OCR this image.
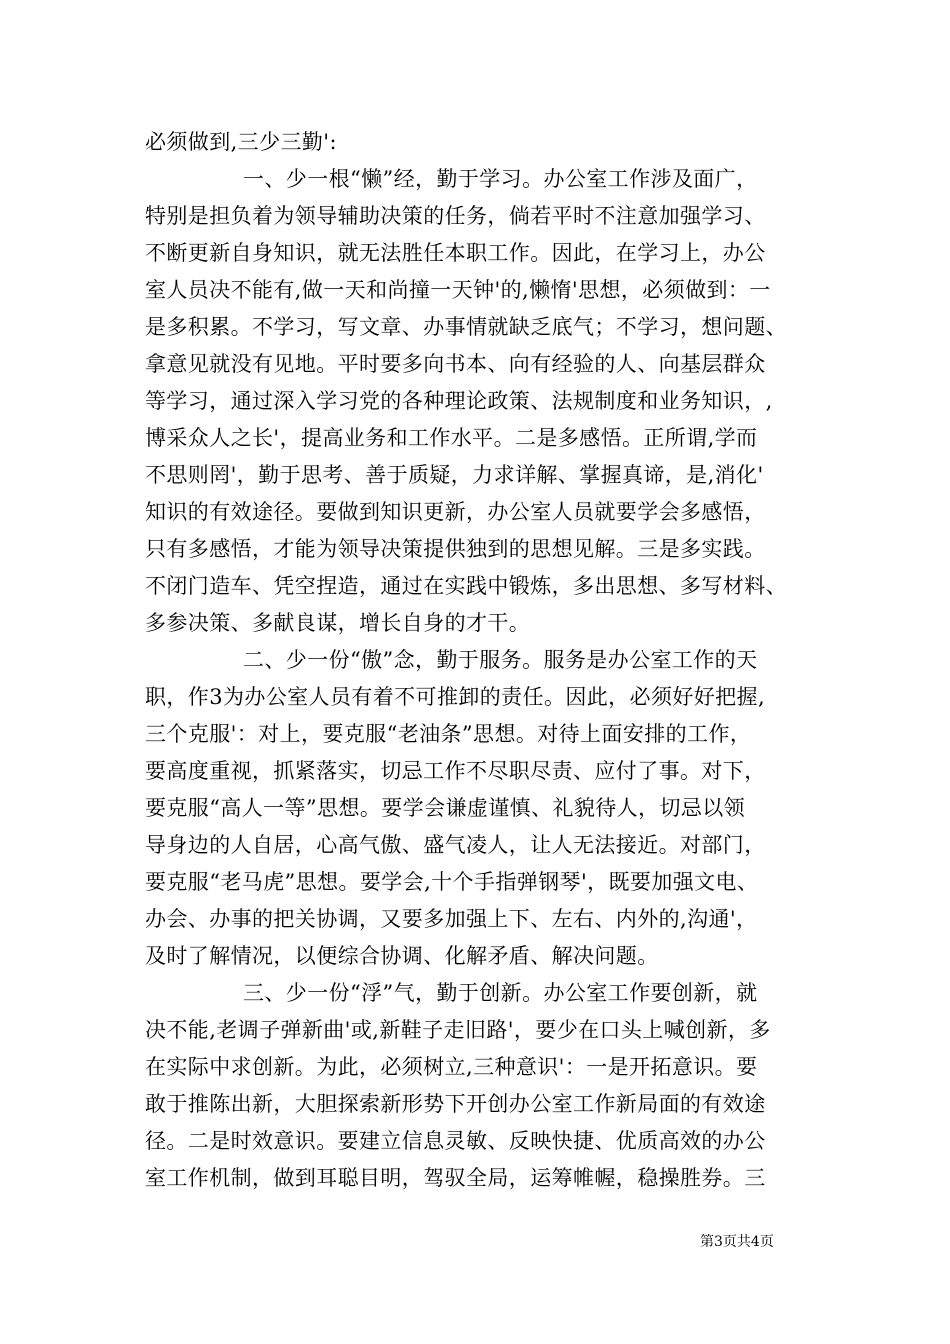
必须做到,三少三勤':
一、少一根“懒”经，勤于学习。办公室工作涉及面广，
特别是担负着为领导辅助决策的任务，倘若平时不注意加强学习、
不断更新自身知识，就无法胜任本职工作。因此，在学习上，办公
室人员决不能有,做一天和尚撞一天钟'的,懒惰'思想，必须做到：一
是多积累。不学习，写文章、办事情就缺乏底气；不学习，想问题、
拿意见就没有见地。平时要多向书本、向有经验的人、向基层群众
等学习，通过深入学习党的各种理论政策、法规制度和业务知识，,
博采众人之长'，提高业务和工作水平。二是多感悟。正所谓,学而
不思则罔'，勤于思考、善于质疑，力求详解、掌握真谛，是,消化'
知识的有效途径。要做到知识更新，办公室人员就要学会多感悟，
只有多感悟，才能为领导决策提供独到的思想见解。三是多实践。
不闭门造车、凭空捏造，通过在实践中锻炼，多出思想、多写材料、
多参决策、多献良谋，增长自身的才干。
二、少一份“傲”念，勤于服务。服务是办公室工作的天
职，作3为办公室人员有着不可推卸的责任。因此，必须好好把握,
三个克服'：对上，要克服“老油条”思想。对待上面安排的工作，
要高度重视，抓紧落实，切忌工作不尽职尽责、应付了事。对下，
要克服“高人一等”思想。要学会谦虚谨慎、礼貌待人，切忌以领
导身边的人自居，心高气傲、盛气凌人，让人无法接近。对部门，
要克服“老马虎”思想。要学会,十个手指弹钢琴'，既要加强文电、
办会、办事的把关协调，又要多加强上下、左右、内外的,沟通'，
及时了解情况，以便综合协调、化解矛盾、解决问题。
三、少一份“浮”气，勤于创新。办公室工作要创新，就
决不能,老调子弹新曲'或,新鞋子走旧路'，要少在口头上喊创新，多
在实际中求创新。为此，必须树立,三种意识'：一是开拓意识。要
敢于推陈出新，大胆探索新形势下开创办公室工作新局面的有效途
径。二是时效意识。要建立信息灵敏、反映快捷、优质高效的办公
室工作机制，做到耳聪目明，驾驭全局，运筹帷幄，稳操胜券。三
第3页共4页
